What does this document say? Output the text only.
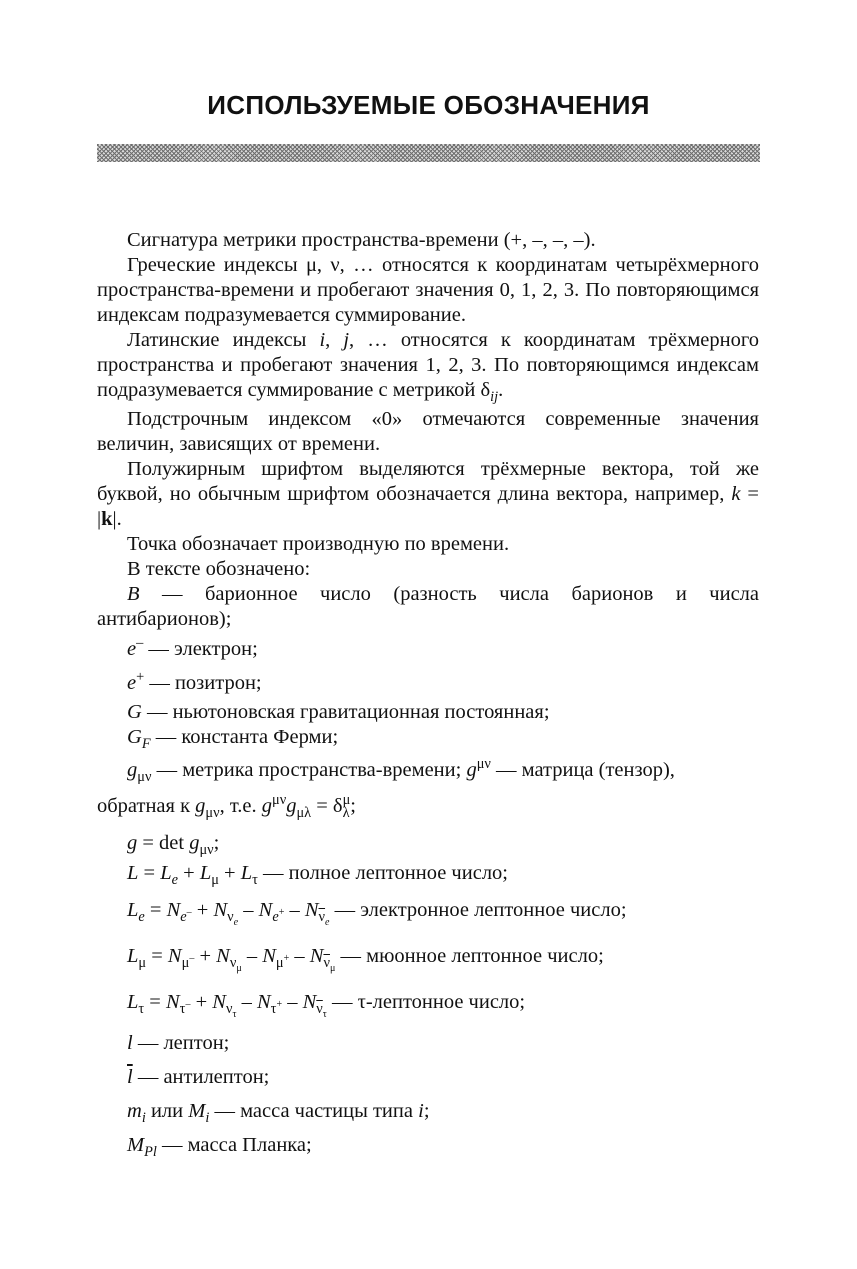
ИСПОЛЬЗУЕМЫЕ ОБОЗНАЧЕНИЯ

Сигнатура метрики пространства-времени (+, –, –, –).

Греческие индексы μ, ν, … относятся к координатам четырёхмерного пространства-времени и пробегают значения 0, 1, 2, 3. По повторяющимся индексам подразумевается суммирование.

Латинские индексы i, j, … относятся к координатам трёхмерного пространства и пробегают значения 1, 2, 3. По повторяющимся индексам подразумевается суммирование с метрикой $\delta_{ij}$.

Подстрочным индексом «0» отмечаются современные значения величин, зависящих от времени.

Полужирным шрифтом выделяются трёхмерные вектора, той же буквой, но обычным шрифтом обозначается длина вектора, например, k = |k|.

Точка обозначает производную по времени.

В тексте обозначено:

B — барионное число (разность числа барионов и числа антибарионов);

e– — электрон;

e+ — позитрон;

G — ньютоновская гравитационная постоянная;

$G_F$ — константа Ферми;

$g_{\mu\nu}$ — метрика пространства-времени; $g^{\mu\nu}$ — матрица (тензор),

обратная к $g_{\mu\nu}$, т.е. $g^{\mu\nu}g_{\mu\lambda} = \delta$ μ
λ ;

$g = \det g_{\mu\nu}$;

$L = L_e + L_\mu + L_\tau$ — полное лептонное число;

$L_e = N_{e^-} + N_{\nu_e} - N_{e^+} - N_{\overline{\nu}_e}$ — электронное лептонное число;

$L_\mu = N_{\mu^-} + N_{\nu_\mu} - N_{\mu^+} - N_{\overline{\nu}_\mu}$ — мюонное лептонное число;

$L_\tau = N_{\tau^-} + N_{\nu_\tau} - N_{\tau^+} - N_{\overline{\nu}_\tau}$ — τ-лептонное число;

l — лептон;

$\overline{l}$ — антилептон;

$m_i$ или $M_i$ — масса частицы типа i;

$M_{Pl}$ — масса Планка;
